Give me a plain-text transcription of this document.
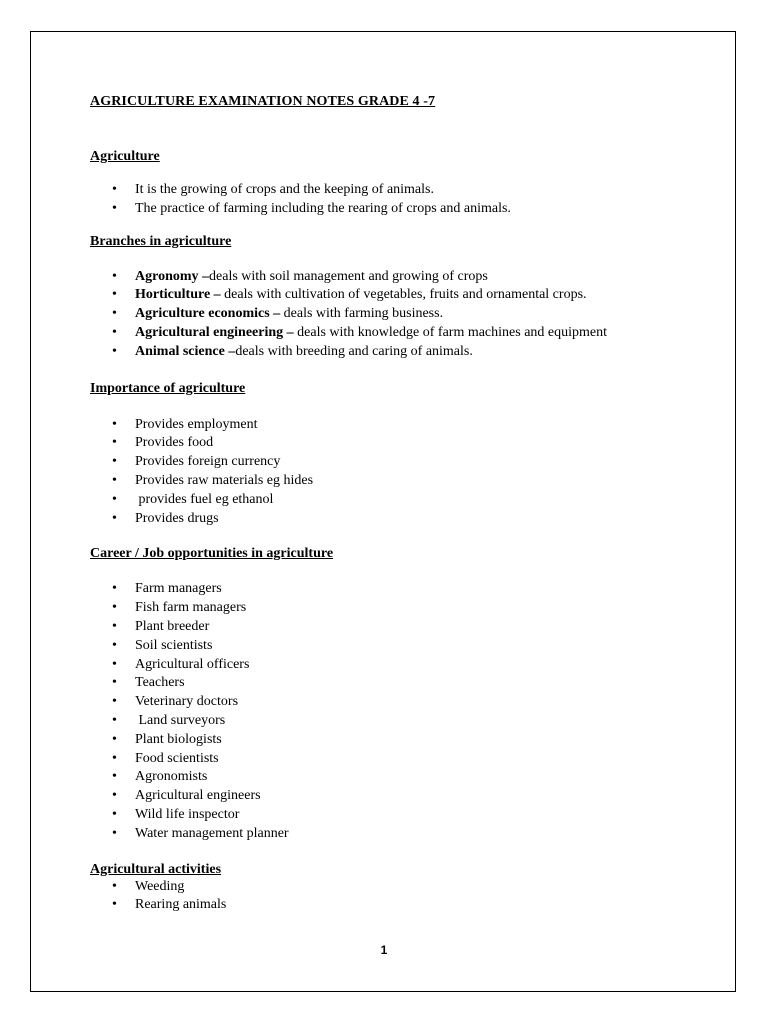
AGRICULTURE EXAMINATION NOTES GRADE 4 -7

Agriculture

• It is the growing of crops and the keeping of animals.
• The practice of farming including the rearing of crops and animals.

Branches in agriculture

• Agronomy –deals with soil management and growing of crops
• Horticulture – deals with cultivation of vegetables, fruits and ornamental crops.
• Agriculture economics – deals with farming business.
• Agricultural engineering – deals with knowledge of farm machines and equipment
• Animal science –deals with breeding and caring of animals.

Importance of agriculture

• Provides employment
• Provides food
• Provides foreign currency
• Provides raw materials eg hides
•  provides fuel eg ethanol
• Provides drugs

Career / Job opportunities in agriculture

• Farm managers
• Fish farm managers
• Plant breeder
• Soil scientists
• Agricultural officers
• Teachers
• Veterinary doctors
•  Land surveyors
• Plant biologists
• Food scientists
• Agronomists
• Agricultural engineers
• Wild life inspector
• Water management planner

Agricultural activities

• Weeding
• Rearing animals
1
